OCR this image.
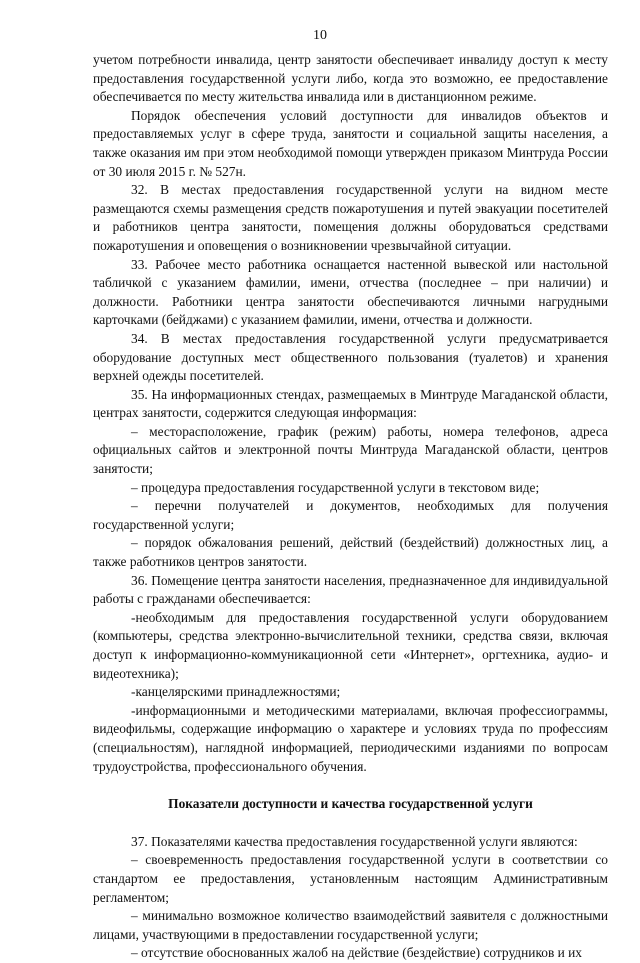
10

учетом потребности инвалида, центр занятости обеспечивает инвалиду доступ к месту предоставления государственной услуги либо, когда это возможно, ее предоставление обеспечивается по месту жительства инвалида или в дистанционном режиме.

Порядок обеспечения условий доступности для инвалидов объектов и предоставляемых услуг в сфере труда, занятости и социальной защиты населения, а также оказания им при этом необходимой помощи утвержден приказом Минтруда России от 30 июля 2015 г. № 527н.

32. В местах предоставления государственной услуги на видном месте размещаются схемы размещения средств пожаротушения и путей эвакуации посетителей и работников центра занятости, помещения должны оборудоваться средствами пожаротушения и оповещения о возникновении чрезвычайной ситуации.

33. Рабочее место работника оснащается настенной вывеской или настольной табличкой с указанием фамилии, имени, отчества (последнее – при наличии) и должности. Работники центра занятости обеспечиваются личными нагрудными карточками (бейджами) с указанием фамилии, имени, отчества и должности.

34. В местах предоставления государственной услуги предусматривается оборудование доступных мест общественного пользования (туалетов) и хранения верхней одежды посетителей.

35. На информационных стендах, размещаемых в Минтруде Магаданской области, центрах занятости, содержится следующая информация:

– месторасположение, график (режим) работы, номера телефонов, адреса официальных сайтов и электронной почты Минтруда Магаданской области, центров занятости;

– процедура предоставления государственной услуги в текстовом виде;

– перечни получателей и документов, необходимых для получения государственной услуги;

– порядок обжалования решений, действий (бездействий) должностных лиц, а также работников центров занятости.

36. Помещение центра занятости населения, предназначенное для индивидуальной работы с гражданами обеспечивается:

-необходимым для предоставления государственной услуги оборудованием (компьютеры, средства электронно-вычислительной техники, средства связи, включая доступ к информационно-коммуникационной сети «Интернет», оргтехника, аудио- и видеотехника);

-канцелярскими принадлежностями;

-информационными и методическими материалами, включая профессиограммы, видеофильмы, содержащие информацию о характере и условиях труда по профессиям (специальностям), наглядной информацией, периодическими изданиями по вопросам трудоустройства, профессионального обучения.

Показатели доступности и качества государственной услуги

37. Показателями качества предоставления государственной услуги являются:

– своевременность предоставления государственной услуги в соответствии со стандартом ее предоставления, установленным настоящим Административным регламентом;

– минимально возможное количество взаимодействий заявителя с должностными лицами, участвующими в предоставлении государственной услуги;

– отсутствие обоснованных жалоб на действие (бездействие) сотрудников и их
